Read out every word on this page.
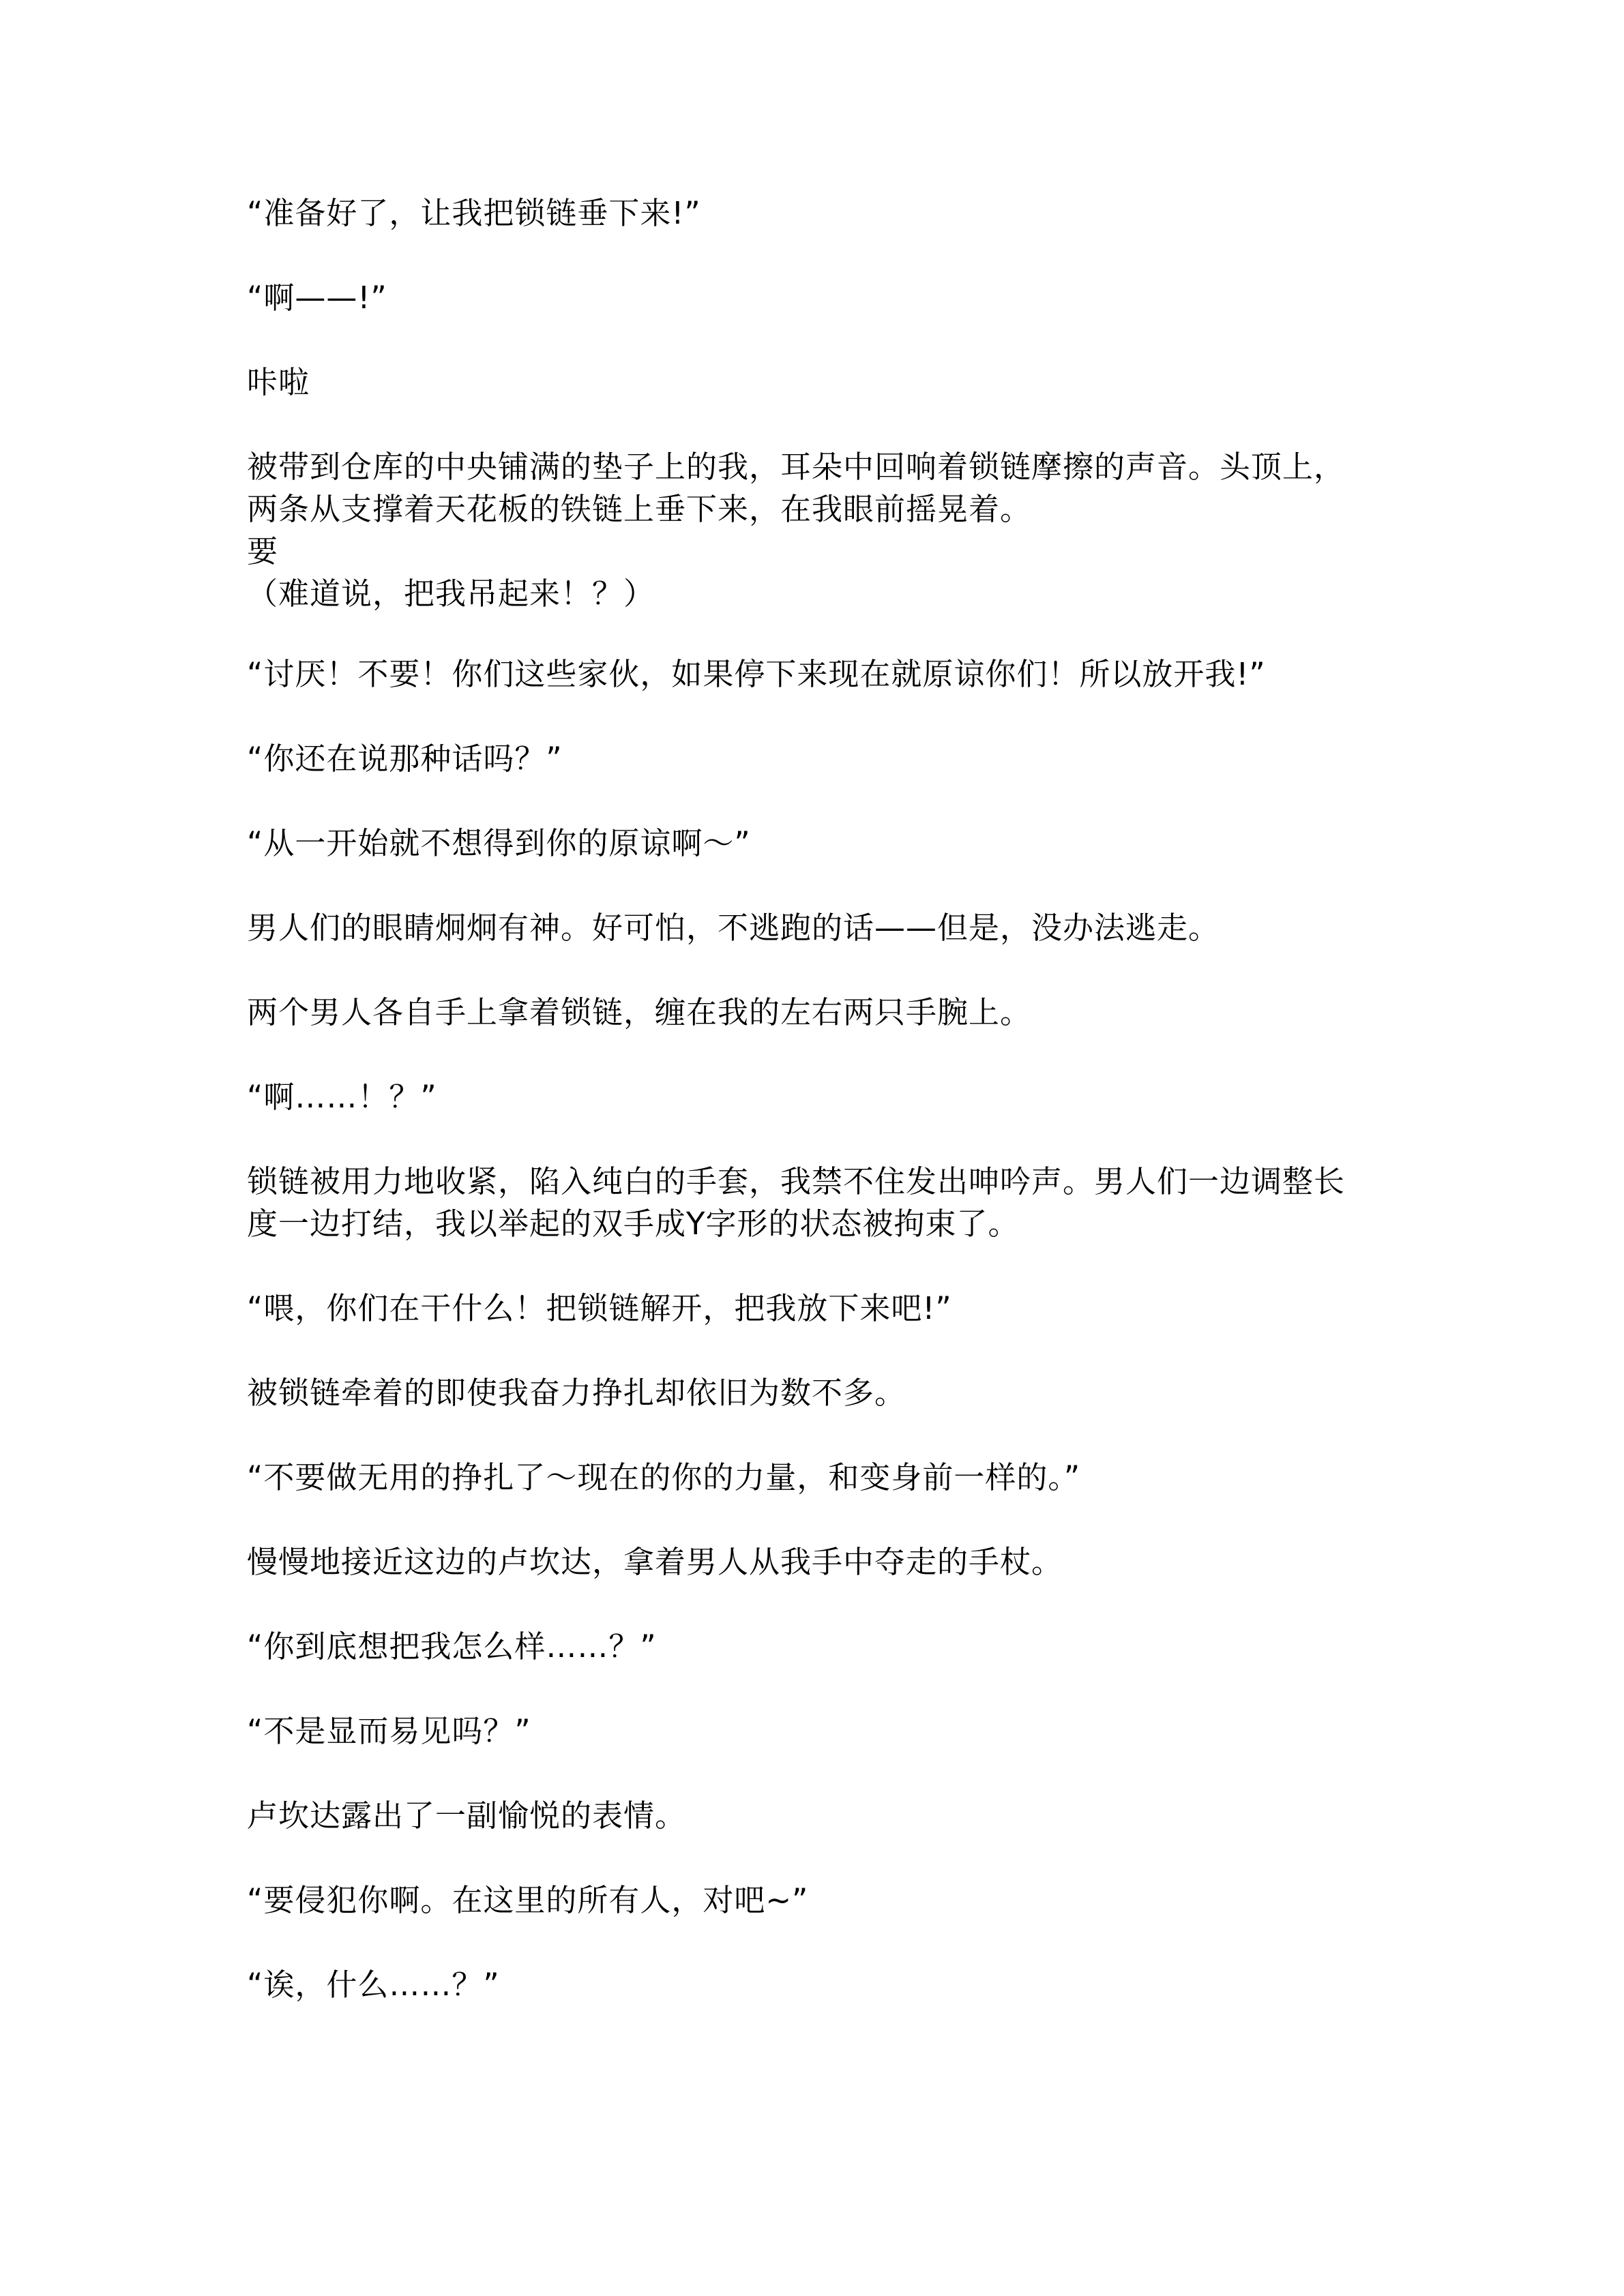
“准备好了，让我把锁链垂下来!”

“啊——!”

咔啦

被带到仓库的中央铺满的垫子上的我，耳朵中回响着锁链摩擦的声音。头顶上，
两条从支撑着天花板的铁链上垂下来，在我眼前摇晃着。
要
（难道说，把我吊起来！？）

“讨厌！不要！你们这些家伙，如果停下来现在就原谅你们！所以放开我!”

“你还在说那种话吗？”

“从一开始就不想得到你的原谅啊～”

男人们的眼睛炯炯有神。好可怕，不逃跑的话——但是，没办法逃走。

两个男人各自手上拿着锁链，缠在我的左右两只手腕上。

“啊……！？”

锁链被用力地收紧，陷入纯白的手套，我禁不住发出呻吟声。男人们一边调整长
度一边打结，我以举起的双手成Y字形的状态被拘束了。

“喂，你们在干什么！把锁链解开，把我放下来吧!”

被锁链牵着的即使我奋力挣扎却依旧为数不多。

“不要做无用的挣扎了～现在的你的力量，和变身前一样的。”

慢慢地接近这边的卢坎达，拿着男人从我手中夺走的手杖。

“你到底想把我怎么样……？”

“不是显而易见吗？”

卢坎达露出了一副愉悦的表情。

“要侵犯你啊。在这里的所有人，对吧~”

“诶，什么……？”
